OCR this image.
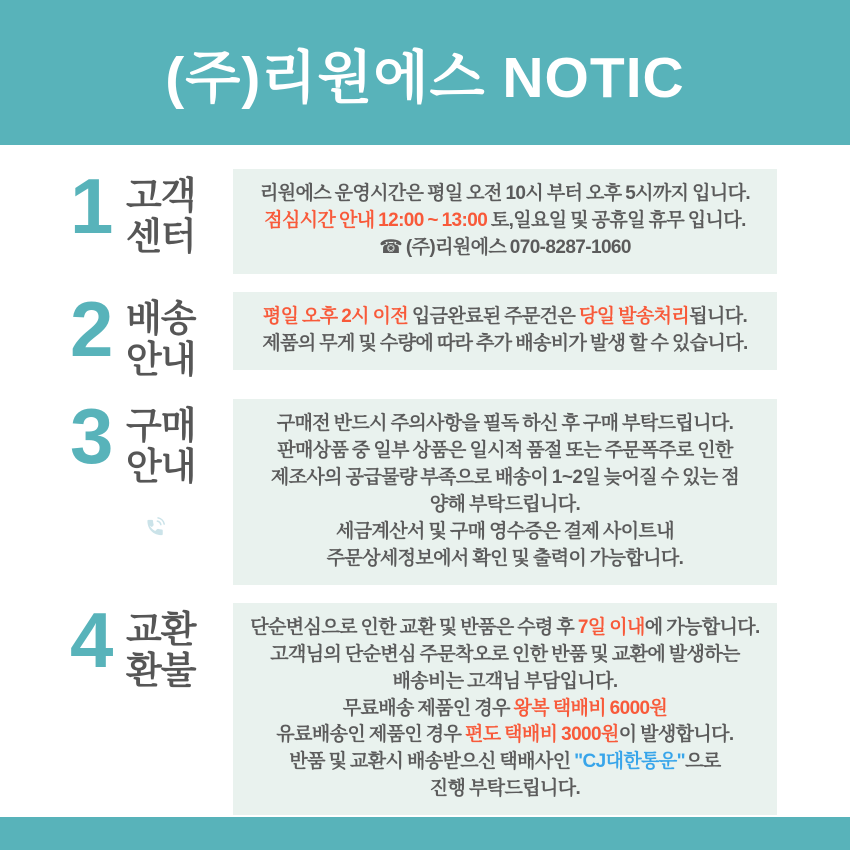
(주)리원에스 NOTIC
1 고객
센터

리원에스 운영시간은 평일 오전 10시 부터 오후 5시까지 입니다.

점심시간 안내 12:00 ~ 13:00 토,일요일 및 공휴일 휴무 입니다.

☎ (주)리원에스 070-8287-1060

2 배송
안내

평일 오후 2시 이전 입금완료된 주문건은 당일 발송처리됩니다.

제품의 무게 및 수량에 따라 추가 배송비가 발생 할 수 있습니다.

3 구매
안내

구매전 반드시 주의사항을 필독 하신 후 구매 부탁드립니다.

판매상품 중 일부 상품은 일시적 품절 또는 주문폭주로 인한

제조사의 공급물량 부족으로 배송이 1~2일 늦어질 수 있는 점

양해 부탁드립니다.

세금계산서 및 구매 영수증은 결제 사이트내

주문상세정보에서 확인 및 출력이 가능합니다.

4 교환
환불

단순변심으로 인한 교환 및 반품은 수령 후 7일 이내에 가능합니다.

고객님의 단순변심 주문착오로 인한 반품 및 교환에 발생하는

배송비는 고객님 부담입니다.

무료배송 제품인 경우 왕복 택배비 6000원

유료배송인 제품인 경우 편도 택배비 3000원이 발생합니다.

반품 및 교환시 배송받으신 택배사인 "CJ대한통운"으로

진행 부탁드립니다.
